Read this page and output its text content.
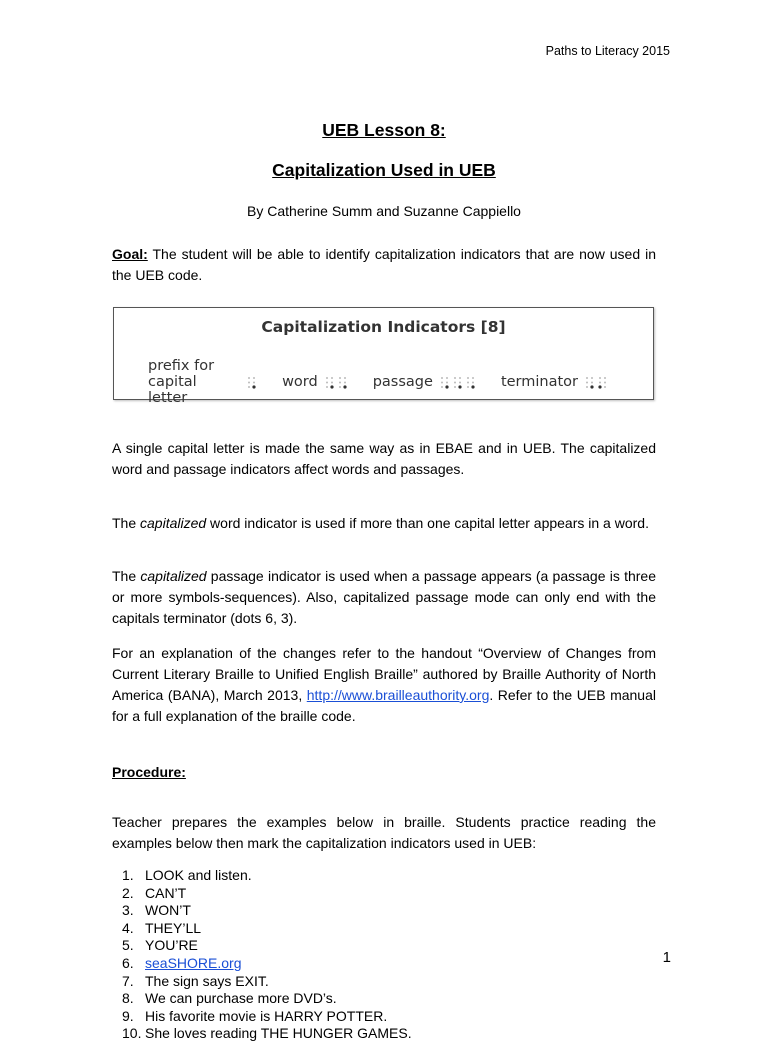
Paths to Literacy 2015
UEB Lesson 8:
Capitalization Used in UEB
By Catherine Summ and Suzanne Cappiello
Goal: The student will be able to identify capitalization indicators that are now used in the UEB code.
Capitalization Indicators [8]
prefix for capital letter
word	passage	terminator
A single capital letter is made the same way as in EBAE and in UEB. The capitalized word and passage indicators affect words and passages.
The capitalized word indicator is used if more than one capital letter appears in a word.
The capitalized passage indicator is used when a passage appears (a passage is three or more symbols-sequences). Also, capitalized passage mode can only end with the capitals terminator (dots 6, 3).
For an explanation of the changes refer to the handout “Overview of Changes from Current Literary Braille to Unified English Braille” authored by Braille Authority of North America (BANA), March 2013, http://www.brailleauthority.org. Refer to the UEB manual for a full explanation of the braille code.
Procedure:
Teacher prepares the examples below in braille. Students practice reading the examples below then mark the capitalization indicators used in UEB:
1. LOOK and listen.
2. CAN’T
3. WON’T
4. THEY’LL
5. YOU’RE
6. seaSHORE.org
7. The sign says EXIT.
8. We can purchase more DVD’s.
9. His favorite movie is HARRY POTTER.
10. She loves reading THE HUNGER GAMES.
1
